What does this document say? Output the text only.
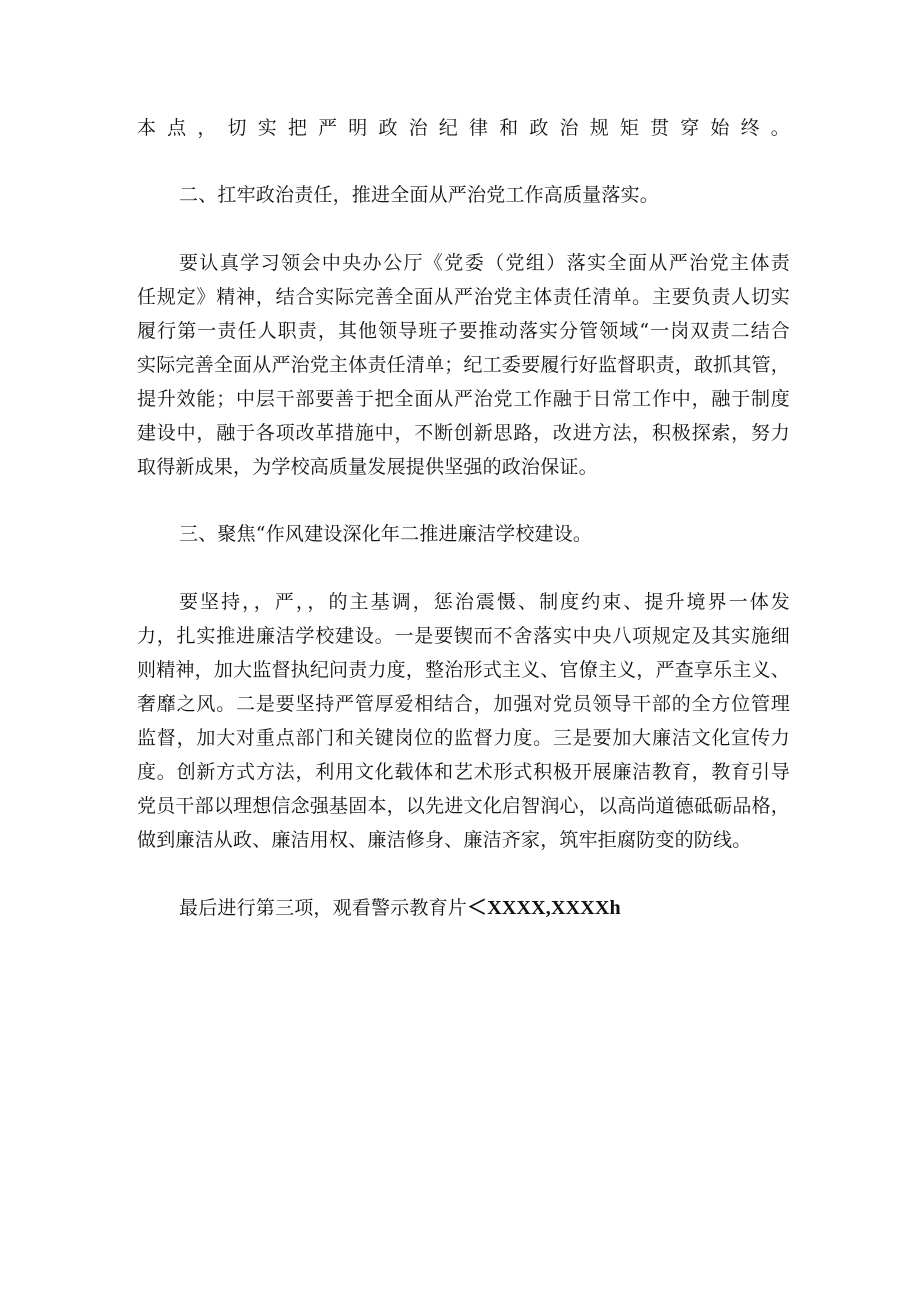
本点，切实把严明政治纪律和政治规矩贯穿始终。

二、扛牢政治责任，推进全面从严治党工作高质量落实。

要认真学习领会中央办公厅《党委（党组）落实全面从严治党主体责

任规定》精神，结合实际完善全面从严治党主体责任清单。主要负责人切实

履行第一责任人职责，其他领导班子要推动落实分管领域“一岗双责二结合

实际完善全面从严治党主体责任清单；纪工委要履行好监督职责，敢抓其管，

提升效能；中层干部要善于把全面从严治党工作融于日常工作中，融于制度

建设中，融于各项改革措施中，不断创新思路，改进方法，积极探索，努力

取得新成果，为学校高质量发展提供坚强的政治保证。

三、聚焦“作风建设深化年二推进廉洁学校建设。

要坚持，，严，，的主基调，惩治震慑、制度约束、提升境界一体发

力，扎实推进廉洁学校建设。一是要锲而不舍落实中央八项规定及其实施细

则精神，加大监督执纪问责力度，整治形式主义、官僚主义，严查享乐主义、

奢靡之风。二是要坚持严管厚爱相结合，加强对党员领导干部的全方位管理

监督，加大对重点部门和关键岗位的监督力度。三是要加大廉洁文化宣传力

度。创新方式方法，利用文化载体和艺术形式积极开展廉洁教育，教育引导

党员干部以理想信念强基固本，以先进文化启智润心，以高尚道德砥砺品格，

做到廉洁从政、廉洁用权、廉洁修身、廉洁齐家，筑牢拒腐防变的防线。

最后进行第三项，观看警示教育片＜XXXX,XXXXh
